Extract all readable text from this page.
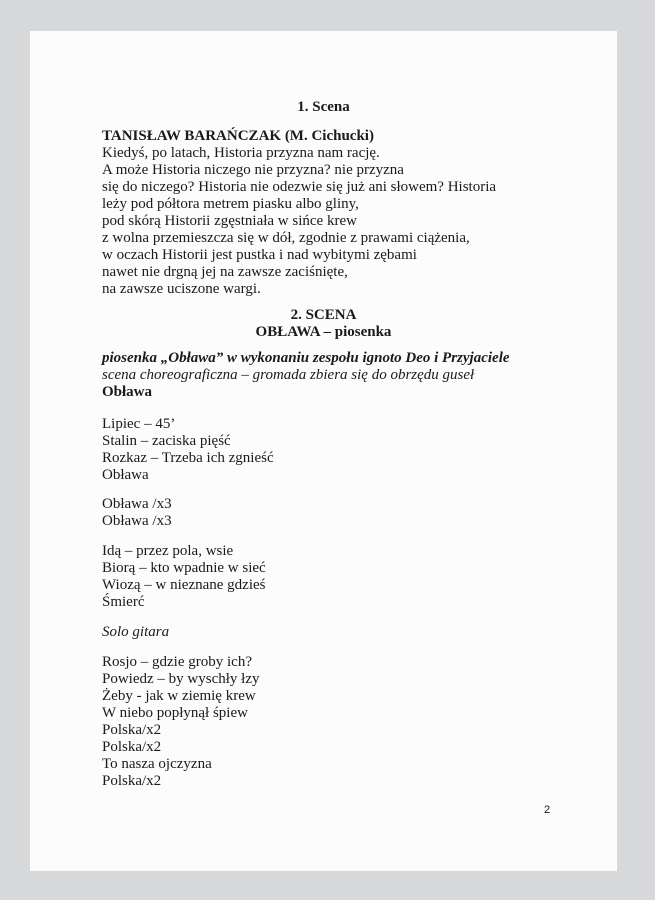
1. Scena
TANISŁAW BARAŃCZAK (M. Cichucki)
Kiedyś, po latach, Historia przyzna nam rację.
A może Historia niczego nie przyzna? nie przyzna
się do niczego? Historia nie odezwie się już ani słowem? Historia
leży pod półtora metrem piasku albo gliny,
pod skórą Historii zgęstniała w sińce krew
z wolna przemieszcza się w dół, zgodnie z prawami ciążenia,
w oczach Historii jest pustka i nad wybitymi zębami
nawet nie drgną jej na zawsze zaciśnięte,
na zawsze uciszone wargi.
2. SCENA
OBŁAWA – piosenka
piosenka „Obława” w wykonaniu zespołu ignoto Deo i Przyjaciele
scena choreograficzna – gromada zbiera się do obrzędu guseł
Obława
Lipiec – 45’
Stalin – zaciska pięść
Rozkaz – Trzeba ich zgnieść
Obława
Obława /x3
Obława /x3
Idą – przez pola, wsie
Biorą – kto wpadnie w sieć
Wiozą – w nieznane gdzieś
Śmierć
Solo gitara
Rosjo – gdzie groby ich?
Powiedz – by wyschły łzy
Żeby - jak w ziemię krew
W niebo popłynął śpiew
Polska/x2
Polska/x2
To nasza ojczyzna
Polska/x2
2
